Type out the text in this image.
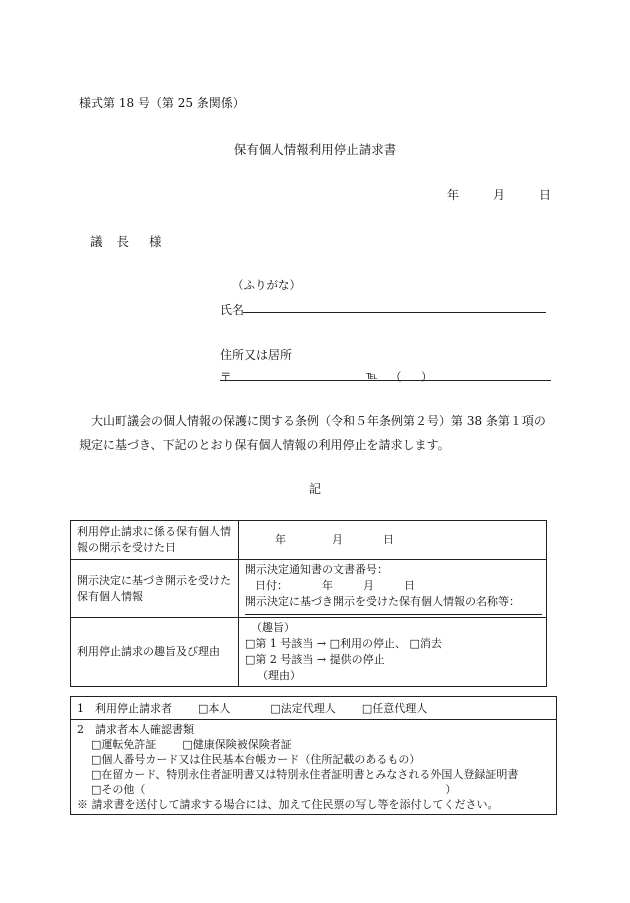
様式第 18 号（第 25 条関係）
保有個人情報利用停止請求書
年	月	日
議長 様
（ふりがな）
氏名
住所又は居所
〒	℡ （ ）
大山町議会の個人情報の保護に関する条例（令和５年条例第２号）第 38 条第１項の規定に基づき、下記のとおり保有個人情報の利用停止を請求します。
記
利用停止請求に係る保有個人情報の開示を受けた日	年 月 日

開示決定に基づき開示を受けた保有個人情報	開示決定通知書の文書番号：
日付： 年 月 日
開示決定に基づき開示を受けた保有個人情報の名称等：

利用停止請求の趣旨及び理由	（趣旨）
□第 1 号該当 → □利用の停止、 □消去
□第 2 号該当 → 提供の停止
（理由）
1　利用停止請求者 □本人	□法定代理人 □任意代理人

2　請求者本人確認書類
□運転免許証 □健康保険被保険者証
□個人番号カード又は住民基本台帳カード（住所記載のあるもの）
□在留カード、特別永住者証明書又は特別永住者証明書とみなされる外国人登録証明書
□その他（	）
※ 請求書を送付して請求する場合には、加えて住民票の写し等を添付してください。
